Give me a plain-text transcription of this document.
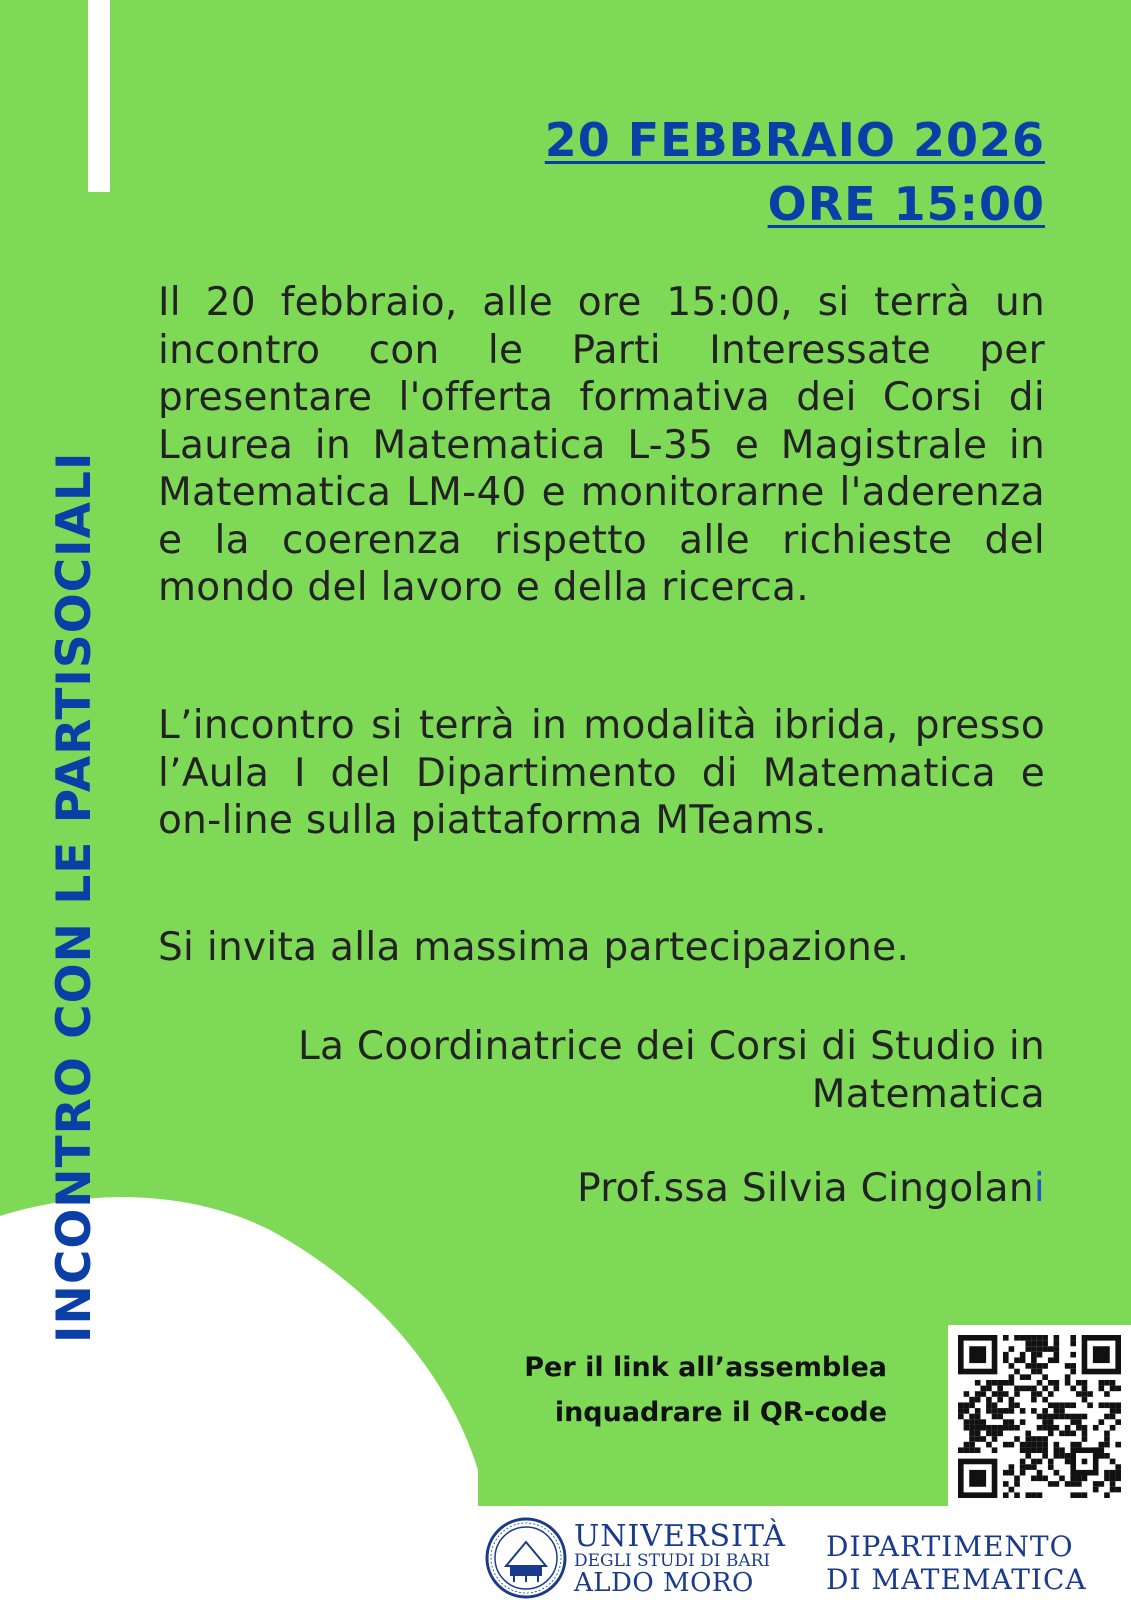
INCONTRO CON LE PARTISOCIALI
20 FEBBRAIO 2026
ORE 15:00
Il 20 febbraio, alle ore 15:00, si terrà un incontro con le Parti Interessate per presentare l'offerta formativa dei Corsi di Laurea in Matematica L-35 e Magistrale in Matematica LM-40 e monitorarne l'aderenza e la coerenza rispetto alle richieste del mondo del lavoro e della ricerca.
L’incontro si terrà in modalità ibrida, presso l’Aula I del Dipartimento di Matematica e on-line sulla piattaforma MTeams.
Si invita alla massima partecipazione.
La Coordinatrice dei Corsi di Studio in
Matematica
Prof.ssa Silvia Cingolani
Per il link all’assemblea
inquadrare il QR-code
UNIVERSITÀ
DEGLI STUDI DI BARI
ALDO MORO
DIPARTIMENTO
DI MATEMATICA
